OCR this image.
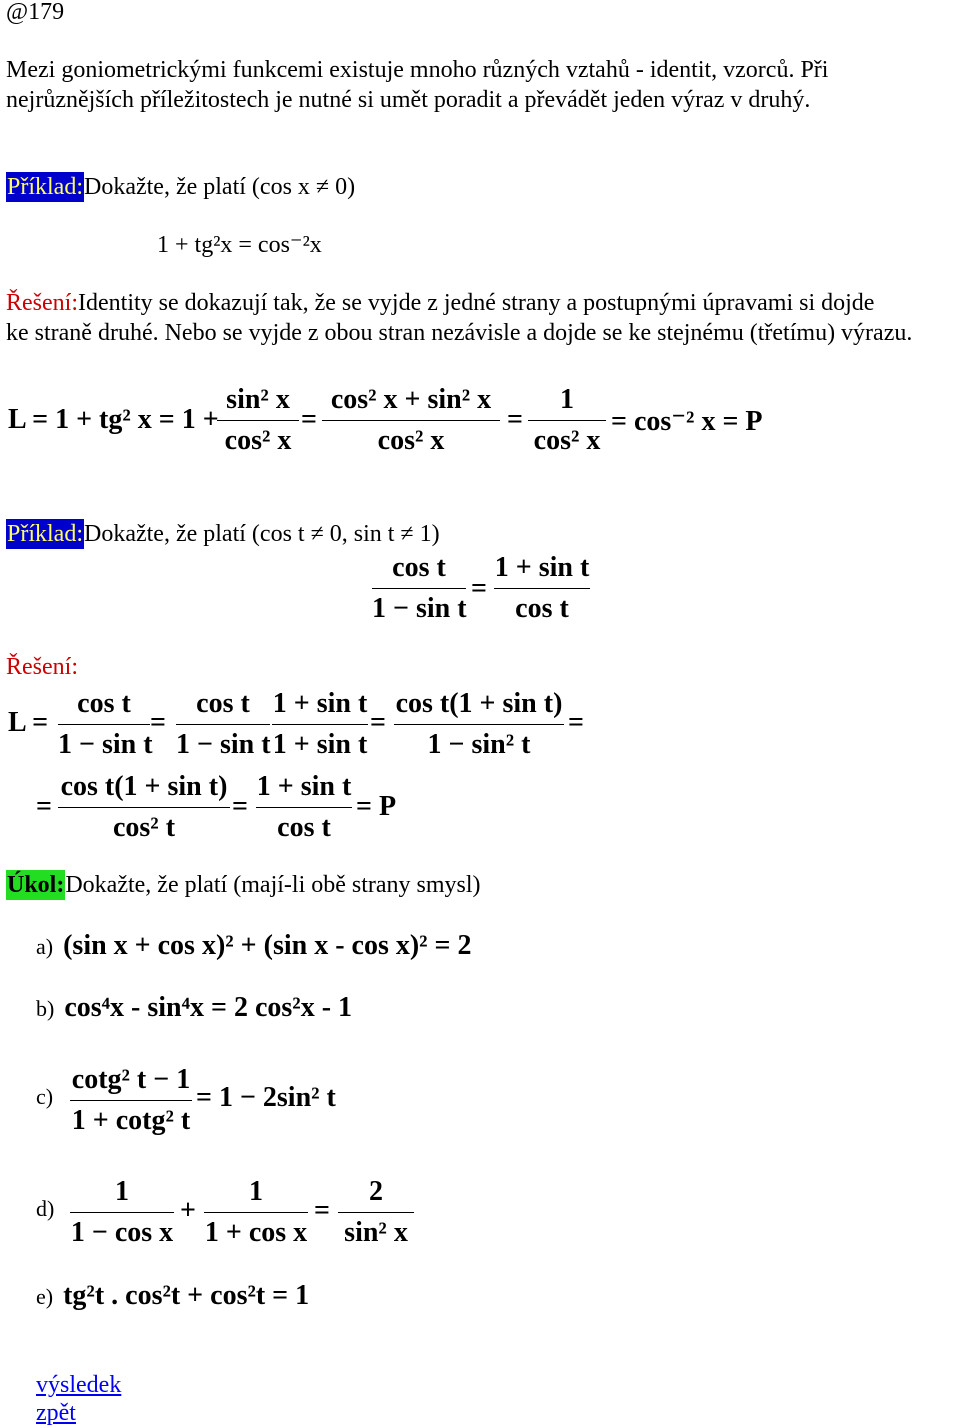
@179
Mezi goniometrickými funkcemi existuje mnoho různých vztahů - identit, vzorců. Při
nejrůznějších příležitostech je nutné si umět poradit a převádět jeden výraz v druhý.
Příklad:Dokažte, že platí (cos x ≠ 0)
1 + tg²x = cos⁻²x
Řešení:Identity se dokazují tak, že se vyjde z jedné strany a postupnými úpravami si dojde
ke straně druhé. Nebo se vyjde z obou stran nezávisle a dojde se ke stejnému (třetímu) výrazu.
L = 1 + tg² x = 1 +
sin² x
cos² x
=
cos² x + sin² x
cos² x
=
1
cos² x
= cos⁻² x = P
Příklad:Dokažte, že platí (cos t ≠ 0, sin t ≠ 1)
cos t
1 − sin t
=
1 + sin t
cos t
Řešení:
L =
cos t
1 − sin t
=
cos t
1 − sin t
1 + sin t
1 + sin t
=
cos t(1 + sin t)
1 − sin² t
=
=
cos t(1 + sin t)
cos² t
=
1 + sin t
cos t
= P
Úkol:Dokažte, že platí (mají-li obě strany smysl)
a) (sin x + cos x)² + (sin x - cos x)² = 2
b) cos⁴x - sin⁴x = 2 cos²x - 1
c)
cotg² t − 1
1 + cotg² t
= 1 − 2sin² t
d)
1
1 − cos x
+
1
1 + cos x
=
2
sin² x
e) tg²t . cos²t + cos²t = 1
výsledek
zpět
